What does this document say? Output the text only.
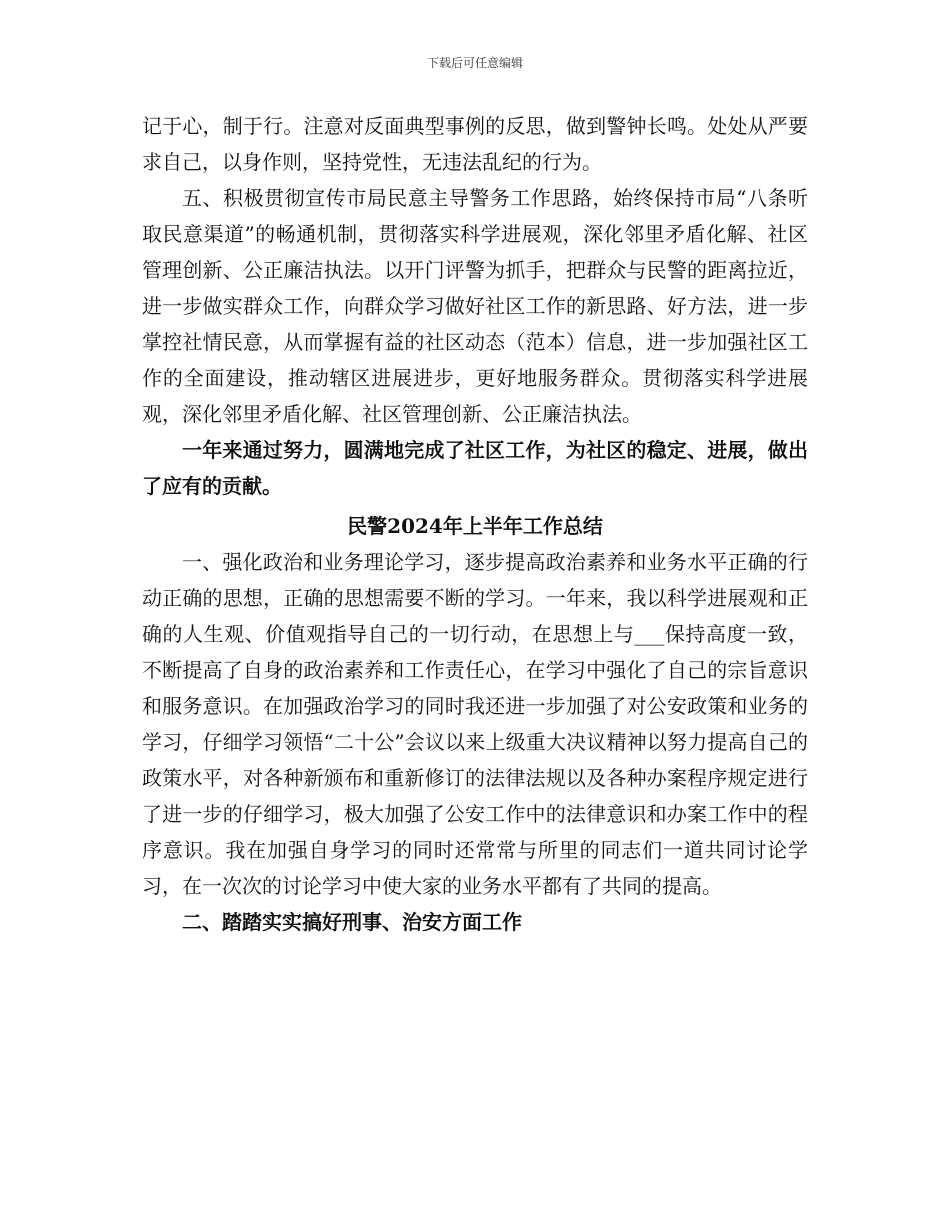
下载后可任意编辑

记于心，制于行。注意对反面典型事例的反思，做到警钟长鸣。处处从严要求自己，以身作则，坚持党性，无违法乱纪的行为。

五、积极贯彻宣传市局民意主导警务工作思路，始终保持市局“八条听取民意渠道”的畅通机制，贯彻落实科学进展观，深化邻里矛盾化解、社区管理创新、公正廉洁执法。以开门评警为抓手，把群众与民警的距离拉近，进一步做实群众工作，向群众学习做好社区工作的新思路、好方法，进一步掌控社情民意，从而掌握有益的社区动态（范本）信息，进一步加强社区工作的全面建设，推动辖区进展进步，更好地服务群众。贯彻落实科学进展观，深化邻里矛盾化解、社区管理创新、公正廉洁执法。

一年来通过努力，圆满地完成了社区工作，为社区的稳定、进展，做出了应有的贡献。

民警2024年上半年工作总结

一、强化政治和业务理论学习，逐步提高政治素养和业务水平正确的行动正确的思想，正确的思想需要不断的学习。一年来，我以科学进展观和正确的人生观、价值观指导自己的一切行动，在思想上与___保持高度一致，不断提高了自身的政治素养和工作责任心，在学习中强化了自己的宗旨意识和服务意识。在加强政治学习的同时我还进一步加强了对公安政策和业务的学习，仔细学习领悟“二十公”会议以来上级重大决议精神以努力提高自己的政策水平，对各种新颁布和重新修订的法律法规以及各种办案程序规定进行了进一步的仔细学习，极大加强了公安工作中的法律意识和办案工作中的程序意识。我在加强自身学习的同时还常常与所里的同志们一道共同讨论学习，在一次次的讨论学习中使大家的业务水平都有了共同的提高。

二、踏踏实实搞好刑事、治安方面工作
